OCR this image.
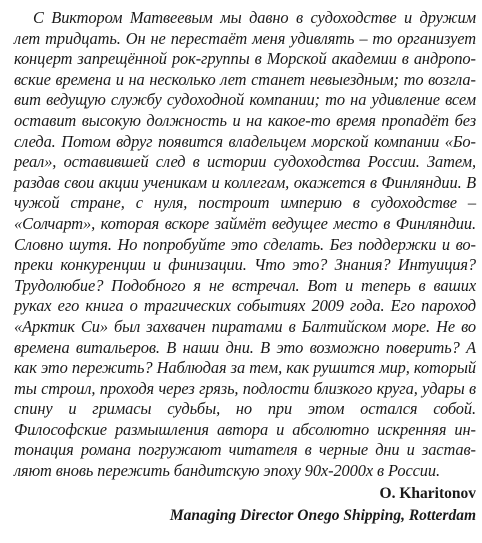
С Виктором Матвеевым мы давно в судоходстве и дружим лет тридцать. Он не перестаёт меня удивлять – то организует концерт запрещённой рок-группы в Морской академии в андроповские времена и на несколько лет станет невыездным; то возглавит ведущую службу судоходной компании; то на удивление всем оставит высокую должность и на какое-то время пропадёт без следа. Потом вдруг появится владельцем морской компании «Бореал», оставившей след в истории судоходства России. Затем, раздав свои акции ученикам и коллегам, окажется в Финляндии. В чужой стране, с нуля, построит империю в судоходстве – «Солчарт», которая вскоре займёт ведущее место в Финляндии. Словно шутя. Но попробуйте это сделать. Без поддержки и вопреки конкуренции и финизации. Что это? Знания? Интуиция? Трудолюбие? Подобного я не встречал. Вот и теперь в ваших руках его книга о трагических событиях 2009 года. Его пароход «Арктик Си» был захвачен пиратами в Балтийском море. Не во времена витальеров. В наши дни. В это возможно поверить? А как это пережить? Наблюдая за тем, как рушится мир, который ты строил, проходя через грязь, подлости близкого круга, удары в спину и гримасы судьбы, но при этом остался собой. Философские размышления автора и абсолютно искренняя интонация романа погружают читателя в черные дни и заставляют вновь пережить бандитскую эпоху 90х-2000х в России.

O. Kharitonov
Managing Director Onego Shipping, Rotterdam
